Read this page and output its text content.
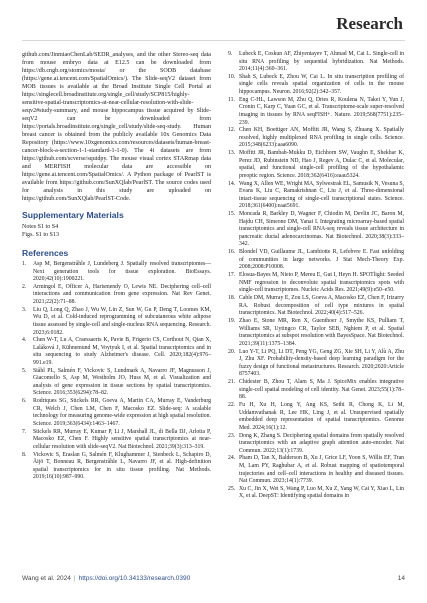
Research

github.com/JinmiaoChenLab/SEDR_analyses, and the other Stereo-seq data from mouse embryo data at E12.5 can be downloaded from https://db.cngb.org/stomics/mosta/ or the SODB database (https://gene.ai.tencent.com/SpatialOmics/). The Slide-seqV2 dataset from MOB tissues is available at the Broad Institute Single Cell Portal at https://singlecell.broadinstitute.org/single_cell/study/SCP815/highly-sensitive-spatial-transcriptomics-at-near-cellular-resolution-with-slide-seqv2#study-summary, and mouse hippocampus tissue acquired by Slide-seqV2 can be downloaded from https://portals.broadinstitute.org/single_cell/study/slide-seq-study. Human breast cancer is obtained from the publicly available 10x Genomics Data Repository (https://www.10xgenomics.com/resources/datasets/human-breast-cancer-block-a-section-1-1-standard-1-1-0). The 4i datasets are from https://github.com/scverse/squidpy. The mouse visual cortex STARmap data and MERFISH molecular data are accessible on https://gene.ai.tencent.com/SpatialOmics/. A Python package of PearlST is available from https://github.com/SunXQlab/PearlST. The source codes used for analysis in this study are uploaded on https://github.com/SunXQlab/PearlST-Code.

Supplementary Materials
Notes S1 to S4
Figs. S1 to S13
References
1.	Asp M, Bergenstråhle J, Lundeberg J. Spatially resolved transcriptomes—Next generation tools for tissue exploration. BioEssays. 2020;42(10):1900221.
2.	Armingol E, Officer A, Harismendy O, Lewis NE. Deciphering cell–cell interactions and communication from gene expression. Nat Rev Genet. 2021;22(2):71–88.
3.	Liu Q, Long Q, Zhao J, Wu W, Lin Z, Sun W, Gu P, Deng T, Loomes KM, Wu D, et al. Cold-induced reprogramming of subcutaneous white adipose tissue assessed by single-cell and single-nucleus RNA sequencing. Research. 2023;6:0182.
4.	Chen W-T, Lu A, Craessaerts K, Pavie B, Frigerio CS, Corthout N, Qian X, Laláková J, Kühnemund M, Voytyuk I, et al. Spatial transcriptomics and in situ sequencing to study Alzheimer's disease. Cell. 2020;182(4):976–991.e19.
5.	Ståhl PL, Salmén F, Vickovic S, Lundmark A, Navarro JF, Magnusson J, Giacomello S, Asp M, Westholm JO, Huss M, et al. Visualization and analysis of gene expression in tissue sections by spatial transcriptomics. Science. 2016;353(6294):78–82.
6.	Rodriques SG, Stickels RR, Goeva A, Martin CA, Murray E, Vanderburg CR, Welch J, Chen LM, Chen F, Macosko EZ. Slide-seq: A scalable technology for measuring genome-wide expression at high spatial resolution. Science. 2019;363(6434):1463–1467.
7.	Stickels RR, Murray E, Kumar P, Li J, Marshall JL, di Bella DJ, Arlotta P, Macosko EZ, Chen F. Highly sensitive spatial transcriptomics at near-cellular resolution with slide-seqV2. Nat Biotechnol. 2021;39(3):313–319.
8.	Vickovic S, Eraslan G, Salmén F, Klughammer J, Stenbeck L, Schapiro D, Äijö T, Bonneau R, Bergenstråhle L, Navarro JF, et al. High-definition spatial transcriptomics for in situ tissue profiling. Nat Methods. 2019;16(10):987–990.
9.	Lubeck E, Coskun AF, Zhiyentayev T, Ahmad M, Cai L. Single-cell in situ RNA profiling by sequential hybridization. Nat Methods. 2014;11(4):360–361.
10. Shah S, Lubeck E, Zhou W, Cai L. In situ transcription profiling of single cells reveals spatial organization of cells in the mouse hippocampus. Neuron. 2016;92(2):342–357.
11. Eng C-HL, Lawson M, Zhu Q, Dries R, Koulena N, Takei Y, Yun J, Cronin C, Karp C, Yuan GC, et al. Transcriptome-scale super-resolved imaging in tissues by RNA seqFISH+. Nature. 2019;568(7751):235–239.
12. Chen KH, Boettiger AN, Moffitt JR, Wang S, Zhuang X. Spatially resolved, highly multiplexed RNA profiling in single cells. Science. 2015;348(6233):aaa6090.
13. Moffitt JR, Bambah-Mukku D, Eichhorn SW, Vaughn E, Shekhar K, Perez JD, Rubinstein ND, Hao J, Regev A, Dulac C, et al. Molecular, spatial, and functional single-cell profiling of the hypothalamic preoptic region. Science. 2018;362(6416):eaau5324.
14. Wang X, Allen WE, Wright MA, Sylwestrak EL, Samusik N, Vesuna S, Evans K, Liu C, Ramakrishnan C, Liu J, et al. Three-dimensional intact-tissue sequencing of single-cell transcriptional states. Science. 2018;361(6400):eaat5691.
15. Moncada R, Barkley D, Wagner F, Chiodin M, Devlin JC, Baron M, Hajdu CH, Simeone DM, Yanai I. Integrating microarray-based spatial transcriptomics and single-cell RNA-seq reveals tissue architecture in pancreatic ductal adenocarcinomas. Nat Biotechnol. 2020;38(3):333–342.
16. Blondel VD, Guillaume JL, Lambiotte R, Lefebvre E. Fast unfolding of communities in large networks. J Stat Mech-Theory Exp. 2008;2008:P10008.
17. Elosua-Bayes M, Nieto P, Mereu E, Gut I, Heyn H. SPOTlight: Seeded NMF regression to deconvolute spatial transcriptomics spots with single-cell transcriptomes. Nucleic Acids Res. 2021;49(9):e50–e50.
18. Cable DM, Murray E, Zou LS, Goeva A, Macosko EZ, Chen F, Irizarry RA. Robust decomposition of cell type mixtures in spatial transcriptomics. Nat Biotechnol. 2022;40(4):517–526.
19. Zhao E, Stone MR, Ren X, Guenthoer J, Smythe KS, Pulliam T, Williams SR, Uytingco CR, Taylor SEB, Nghiem P, et al. Spatial transcriptomics at subspot resolution with BayesSpace. Nat Biotechnol. 2021;39(11):1375–1384.
20. Luo Y-T, Li PQ, Li DT, Peng YG, Geng ZG, Xie SH, Li Y, Alù A, Zhu J, Zhu XF. Probability-density-based deep learning paradigm for the fuzzy design of functional metastructures. Research. 2020;2020:Article 8757403.
21. Chidester B, Zhou T, Alam S, Ma J. SpiceMix enables integrative single-cell spatial modeling of cell identity. Nat Genet. 2023;55(1):78–88.
22. Fu H, Xu H, Long Y, Ang KS, Sethi R, Chong K, Li M, Uddamvathanak R, Lee HK, Ling J, et al. Unsupervised spatially embedded deep representation of spatial transcriptomics. Genome Med. 2024;16(1):12.
23. Dong K, Zhang S. Deciphering spatial domains from spatially resolved transcriptomics with an adaptive graph attention auto-encoder. Nat Commun. 2022;13(1):1739.
24. Pham D, Tan X, Balderson B, Xu J, Grice LF, Yoon S, Willis EF, Tran M, Lam PY, Raghubar A, et al. Robust mapping of spatiotemporal trajectories and cell–cell interactions in healthy and diseased tissues. Nat Commun. 2023;14(1):7739.
25. Xu C, Jin X, Wei S, Wang P, Luo M, Xu Z, Yang W, Cai Y, Xiao L, Lin X, et al. DeepST: Identifying spatial domains in
Wang et al. 2024 | https://doi.org/10.34133/research.0390	14
